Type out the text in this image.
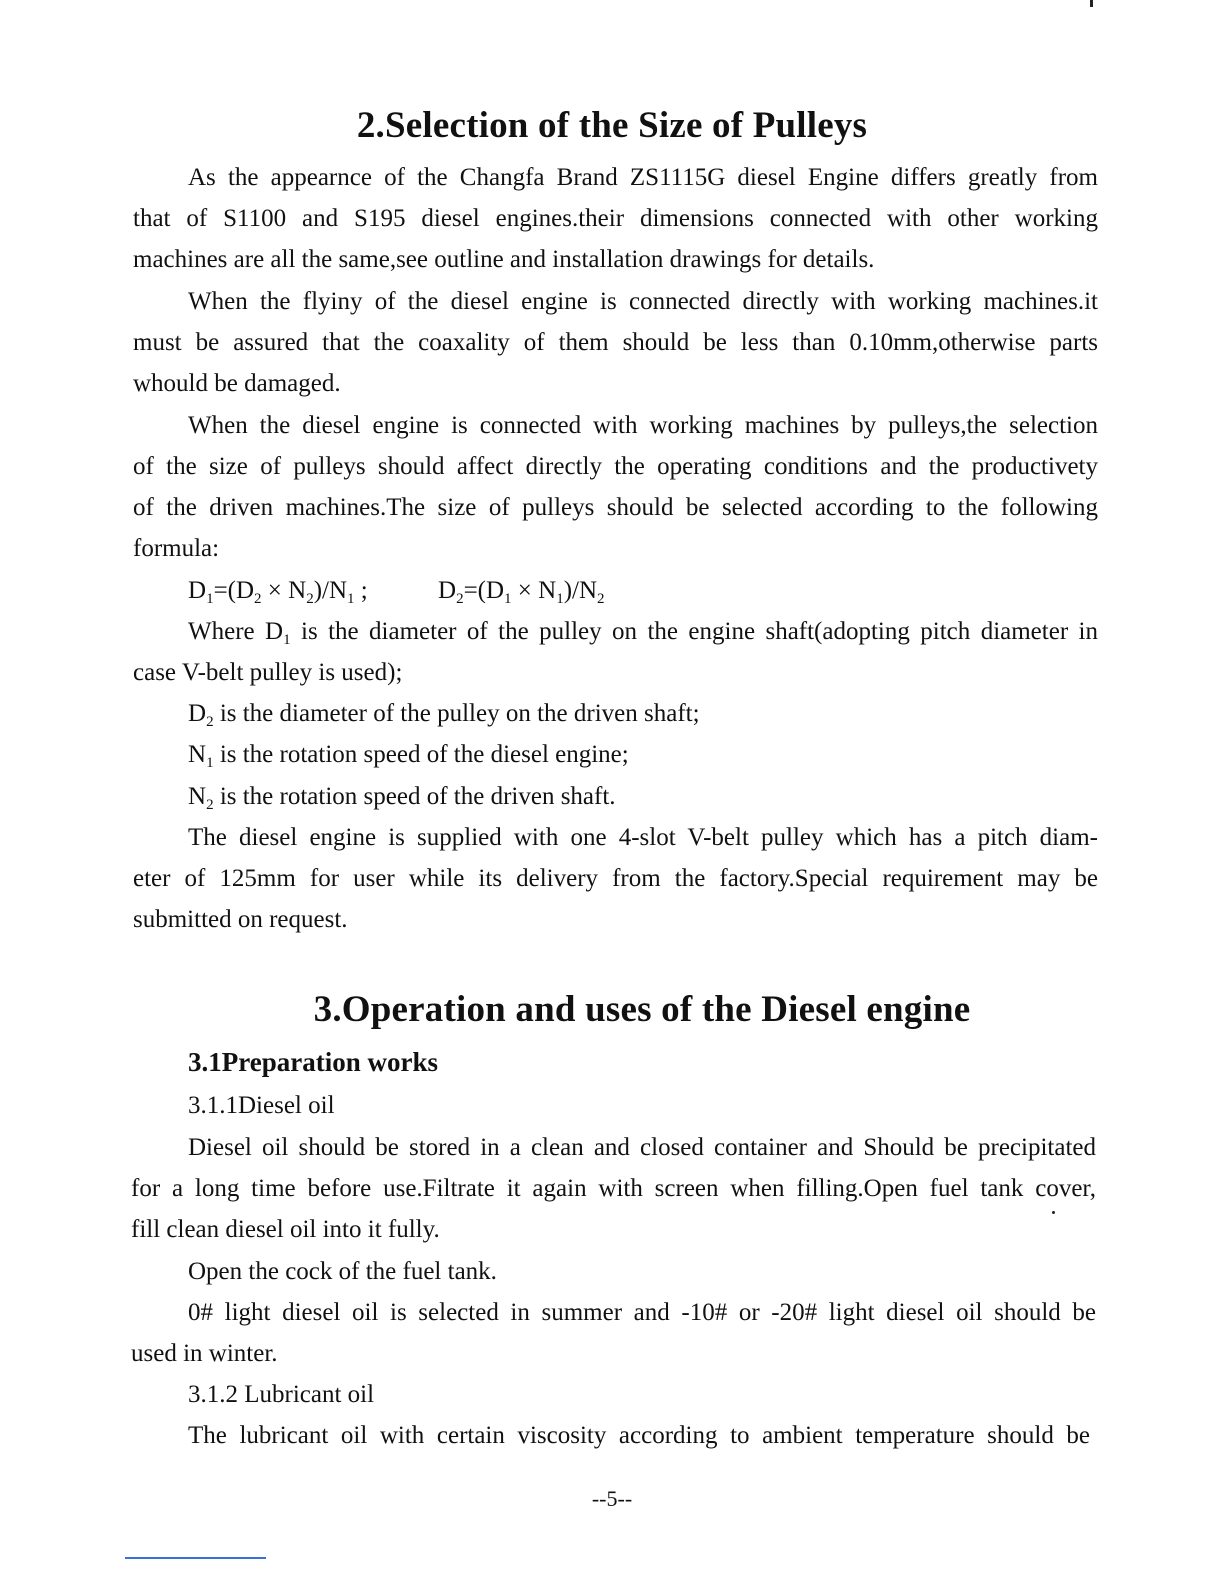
2.Selection of the Size of Pulleys
As the appearnce of the Changfa Brand ZS1115G diesel Engine differs greatly from
that of S1100 and S195 diesel engines.their dimensions connected with other working
machines are all the same,see outline and installation drawings for details.
When the flyiny of the diesel engine is connected directly with working machines.it
must be assured that the coaxality of them should be less than 0.10mm,otherwise parts
whould be damaged.
When the diesel engine is connected with working machines by pulleys,the selection
of the size of pulleys should affect directly the operating conditions and the productivety
of the driven machines.The size of pulleys should be selected according to the following
formula:
$D_1=(D_2 \times N_2)/N_1$ ;	$D_2=(D_1 \times N_1)/N_2$
Where $D_1$ is the diameter of the pulley on the engine shaft(adopting pitch diameter in
case V-belt pulley is used);
$D_2$ is the diameter of the pulley on the driven shaft;
$N_1$ is the rotation speed of the diesel engine;
$N_2$ is the rotation speed of the driven shaft.
The diesel engine is supplied with one 4-slot V-belt pulley which has a pitch diam-
eter of 125mm for user while its delivery from the factory.Special requirement may be
submitted on request.
3.Operation and uses of the Diesel engine
3.1Preparation works
3.1.1Diesel oil
Diesel oil should be stored in a clean and closed container and Should be precipitated
for a long time before use.Filtrate it again with screen when filling.Open fuel tank cover,
fill clean diesel oil into it fully.
Open the cock of the fuel tank.
0# light diesel oil is selected in summer and -10# or -20# light diesel oil should be
used in winter.
3.1.2 Lubricant oil
The lubricant oil with certain viscosity according to ambient temperature should be
--5--
